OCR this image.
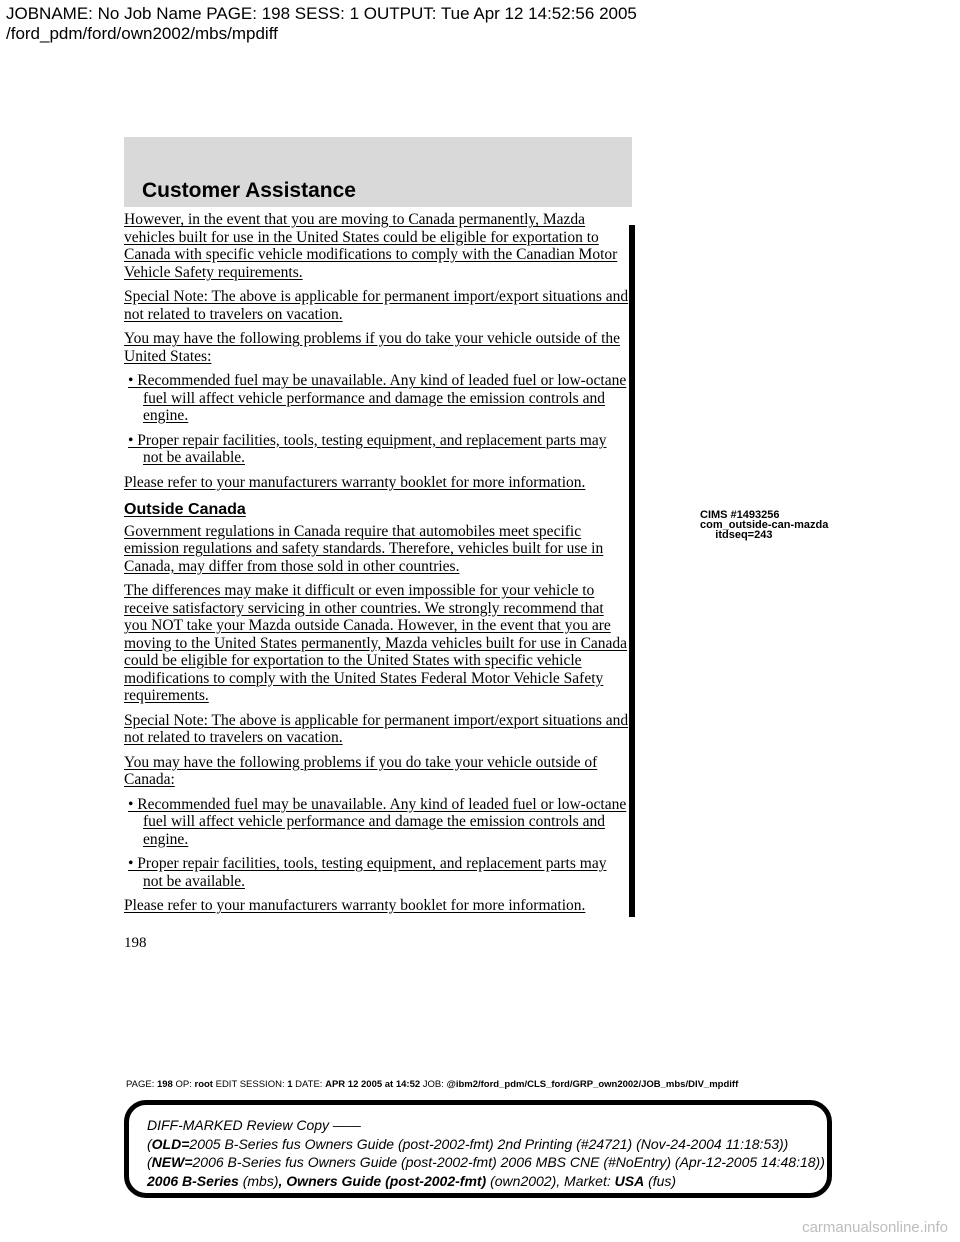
JOBNAME: No Job Name PAGE: 198 SESS: 1 OUTPUT: Tue Apr 12 14:52:56 2005
/ford_pdm/ford/own2002/mbs/mpdiff
Customer Assistance

However, in the event that you are moving to Canada permanently, Mazda vehicles built for use in the United States could be eligible for exportation to Canada with specific vehicle modifications to comply with the Canadian Motor Vehicle Safety requirements.

Special Note: The above is applicable for permanent import/export situations and not related to travelers on vacation.

You may have the following problems if you do take your vehicle outside of the United States:

• Recommended fuel may be unavailable. Any kind of leaded fuel or low-octane fuel will affect vehicle performance and damage the emission controls and engine.

• Proper repair facilities, tools, testing equipment, and replacement parts may not be available.

Please refer to your manufacturers warranty booklet for more information.

Outside Canada

Government regulations in Canada require that automobiles meet specific emission regulations and safety standards. Therefore, vehicles built for use in Canada, may differ from those sold in other countries.

The differences may make it difficult or even impossible for your vehicle to receive satisfactory servicing in other countries. We strongly recommend that you NOT take your Mazda outside Canada. However, in the event that you are moving to the United States permanently, Mazda vehicles built for use in Canada could be eligible for exportation to the United States with specific vehicle modifications to comply with the United States Federal Motor Vehicle Safety requirements.

Special Note: The above is applicable for permanent import/export situations and not related to travelers on vacation.

You may have the following problems if you do take your vehicle outside of Canada:

• Recommended fuel may be unavailable. Any kind of leaded fuel or low-octane fuel will affect vehicle performance and damage the emission controls and engine.

• Proper repair facilities, tools, testing equipment, and replacement parts may not be available.

Please refer to your manufacturers warranty booklet for more information.

CIMS #1493256
com_outside-can-mazda
itdseq=243
198
PAGE: 198 OP: root EDIT SESSION: 1 DATE: APR 12 2005 at 14:52 JOB: @ibm2/ford_pdm/CLS_ford/GRP_own2002/JOB_mbs/DIV_mpdiff
DIFF-MARKED Review Copy ——
(OLD=2005 B-Series fus Owners Guide (post-2002-fmt) 2nd Printing (#24721) (Nov-24-2004 11:18:53))
(NEW=2006 B-Series fus Owners Guide (post-2002-fmt) 2006 MBS CNE (#NoEntry) (Apr-12-2005 14:48:18))
2006 B-Series (mbs), Owners Guide (post-2002-fmt) (own2002), Market: USA (fus)
carmanualsonline.info
